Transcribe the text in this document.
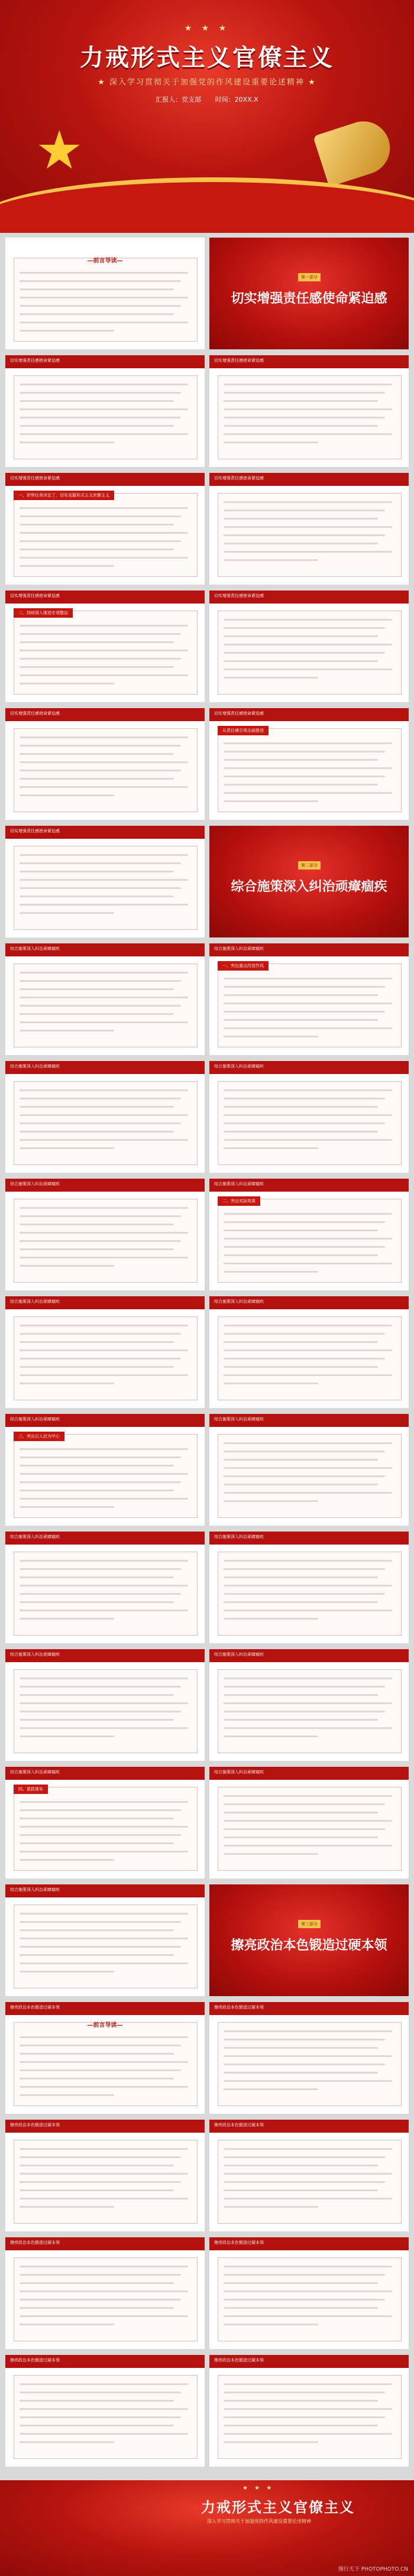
★ ★ ★
力戒形式主义官僚主义
★ 深入学习贯彻关于加强党的作风建设重要论述精神 ★
汇报人：党支部 时间：20XX.X
★
—前言导读—
第一部分
切实增强责任感使命紧迫感
切实增强责任感使命紧迫感	切实增强责任感使命紧迫感
切实增强责任感使命紧迫感
一、形势任务决定了，切实克服形式主义官僚主义
切实增强责任感使命紧迫感
切实增强责任感使命紧迫感
二、持续深入推进专项整治
切实增强责任感使命紧迫感
切实增强责任感使命紧迫感	切实增强责任感使命紧迫感
从责任感引领全面推进
切实增强责任感使命紧迫感
第二部分
综合施策深入纠治顽瘴痼疾
综合施策深入纠治顽瘴痼疾	综合施策深入纠治顽瘴痼疾
一、突出重点改进作风
综合施策深入纠治顽瘴痼疾	综合施策深入纠治顽瘴痼疾
综合施策深入纠治顽瘴痼疾	综合施策深入纠治顽瘴痼疾
二、突出实际效果
综合施策深入纠治顽瘴痼疾	综合施策深入纠治顽瘴痼疾
综合施策深入纠治顽瘴痼疾
三、突出以人民为中心
综合施策深入纠治顽瘴痼疾
综合施策深入纠治顽瘴痼疾	综合施策深入纠治顽瘴痼疾
综合施策深入纠治顽瘴痼疾	综合施策深入纠治顽瘴痼疾
综合施策深入纠治顽瘴痼疾
四、狠抓落实
综合施策深入纠治顽瘴痼疾
综合施策深入纠治顽瘴痼疾
第三部分
擦亮政治本色锻造过硬本领
擦亮政治本色锻造过硬本领
—前言导读—
擦亮政治本色锻造过硬本领
擦亮政治本色锻造过硬本领	擦亮政治本色锻造过硬本领
擦亮政治本色锻造过硬本领	擦亮政治本色锻造过硬本领
擦亮政治本色锻造过硬本领	擦亮政治本色锻造过硬本领
★ ★ ★
力戒形式主义官僚主义
深入学习贯彻关于加强党的作风建设重要论述精神
图行天下 PHOTOPHOTO.CN
